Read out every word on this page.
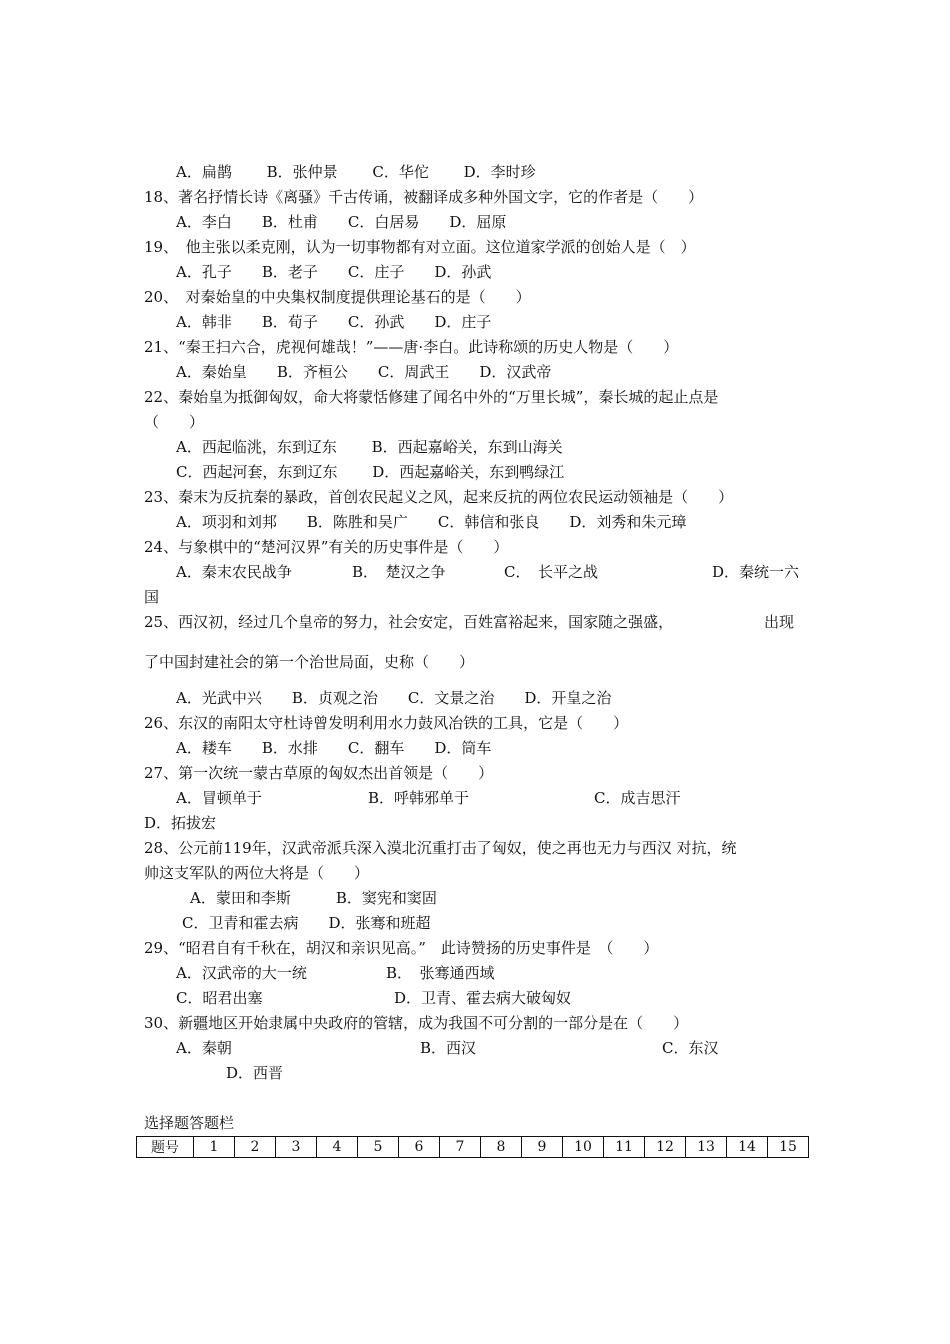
A．扁鹊　　 B．张仲景　　 C．华佗　　 D．李时珍
18、著名抒情长诗《离骚》千古传诵，被翻译成多种外国文字，它的作者是（　　）
A．李白　　B．杜甫　　C．白居易　　D．屈原
19、　他主张以柔克刚，认为一切事物都有对立面。这位道家学派的创始人是（　）
A．孔子　　B．老子　　C．庄子　　D．孙武
20、　对秦始皇的中央集权制度提供理论基石的是（　　）
A．韩非　　B．荀子　　C．孙武　　D．庄子
21、“秦王扫六合，虎视何雄哉！”——唐·李白。此诗称颂的历史人物是（　　）
A．秦始皇　　B．齐桓公　　C．周武王　　D．汉武帝
22、秦始皇为抵御匈奴，命大将蒙恬修建了闻名中外的“万里长城”，秦长城的起止点是
（　　）
A．西起临洮，东到辽东　　 B．西起嘉峪关，东到山海关
C．西起河套，东到辽东　　 D．西起嘉峪关，东到鸭绿江
23、秦末为反抗秦的暴政，首创农民起义之风，起来反抗的两位农民运动领袖是（　　）
A．项羽和刘邦　　B．陈胜和吴广　　C．韩信和张良　　D．刘秀和朱元璋
24、与象棋中的“楚河汉界”有关的历史事件是（　　）
A．秦末农民战争	B．　楚汉之争	C．　长平之战	D．秦统一六
国
25、西汉初，经过几个皇帝的努力，社会安定，百姓富裕起来，国家随之强盛，	出现
了中国封建社会的第一个治世局面，史称（　　）
A．光武中兴　　B．贞观之治　　C．文景之治　　D．开皇之治
26、东汉的南阳太守杜诗曾发明利用水力鼓风冶铁的工具，它是（　　）
A．耧车　　B．水排　　C．翻车　　D．筒车
27、第一次统一蒙古草原的匈奴杰出首领是（　　）
A．冒顿单于	B．呼韩邪单于	C．成吉思汗
D．拓拔宏
28、公元前119年，汉武帝派兵深入漠北沉重打击了匈奴，使之再也无力与西汉 对抗，统
帅这支军队的两位大将是（　　）
A．蒙田和李斯　　　B．窦宪和窦固
C．卫青和霍去病　　D．张骞和班超
29、“昭君自有千秋在，胡汉和亲识见高。”　此诗赞扬的历史事件是　（　　）
A．汉武帝的大一统	B．　张骞通西域
C．昭君出塞	D．卫青、霍去病大破匈奴
30、新疆地区开始隶属中央政府的管辖，成为我国不可分割的一部分是在（　　）
A．秦朝	B．西汉	C．东汉
D．西晋
选择题答题栏
题号	1	2	3	4	5	6	7	8	9	10	11	12	13	14	15
